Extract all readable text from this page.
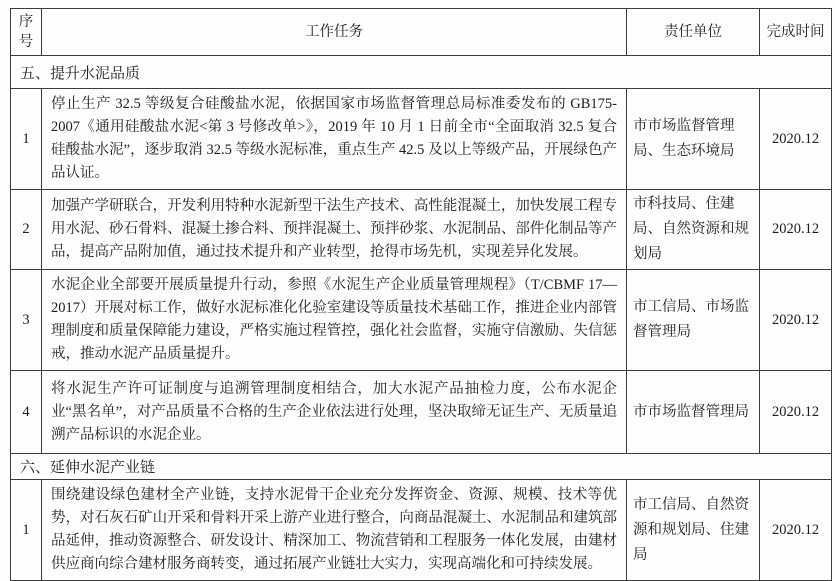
序号	工作任务	责任单位	完成时间
五、提升水泥品质			
1	停止生产 32.5 等级复合硅酸盐水泥，依据国家市场监督管理总局标准委发布的 GB175-2007《通用硅酸盐水泥<第 3 号修改单>》，2019 年 10 月 1 日前全市“全面取消 32.5 复合硅酸盐水泥”，逐步取消 32.5 等级水泥标准，重点生产 42.5 及以上等级产品，开展绿色产品认证。	市市场监督管理局、生态环境局	2020.12
2	加强产学研联合，开发利用特种水泥新型干法生产技术、高性能混凝土，加快发展工程专用水泥、砂石骨料、混凝土掺合料、预拌混凝土、预拌砂浆、水泥制品、部件化制品等产品，提高产品附加值，通过技术提升和产业转型，抢得市场先机，实现差异化发展。	市科技局、住建局、自然资源和规划局	2020.12
3	水泥企业全部要开展质量提升行动，参照《水泥生产企业质量管理规程》（T/CBMF 17—2017）开展对标工作，做好水泥标准化化验室建设等质量技术基础工作，推进企业内部管理制度和质量保障能力建设，严格实施过程管控，强化社会监督，实施守信激励、失信惩戒，推动水泥产品质量提升。	市工信局、市场监督管理局	2020.12
4	将水泥生产许可证制度与追溯管理制度相结合，加大水泥产品抽检力度，公布水泥企业“黑名单”，对产品质量不合格的生产企业依法进行处理，坚决取缔无证生产、无质量追溯产品标识的水泥企业。	市市场监督管理局	2020.12
六、延伸水泥产业链			
1	围绕建设绿色建材全产业链，支持水泥骨干企业充分发挥资金、资源、规模、技术等优势，对石灰石矿山开采和骨料开采上游产业进行整合，向商品混凝土、水泥制品和建筑部品延伸，推动资源整合、研发设计、精深加工、物流营销和工程服务一体化发展，由建材供应商向综合建材服务商转变，通过拓展产业链壮大实力，实现高端化和可持续发展。	市工信局、自然资源和规划局、住建局	2020.12
